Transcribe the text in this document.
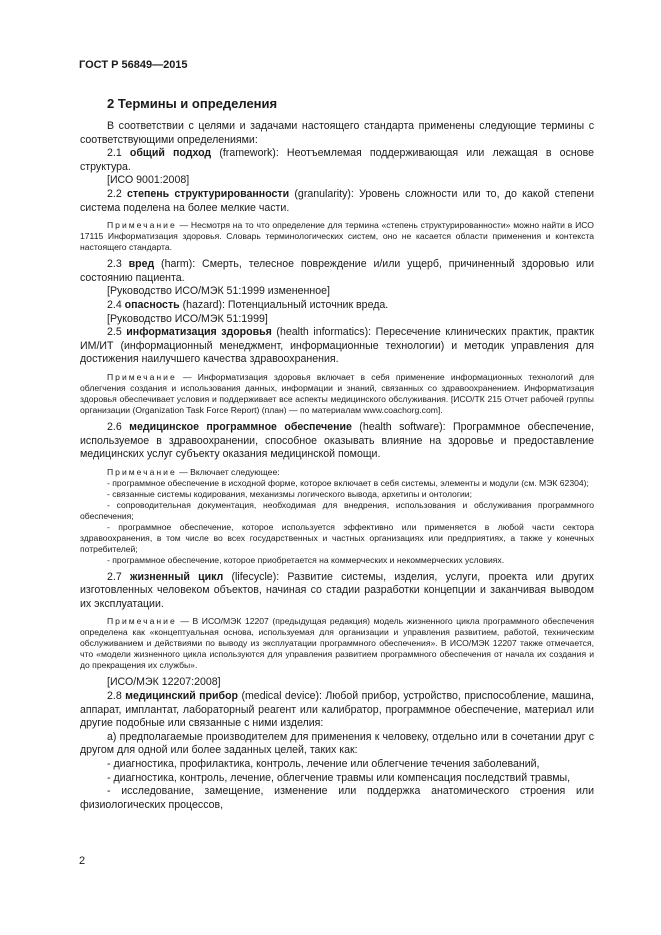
ГОСТ Р 56849—2015
2 Термины и определения

В соответствии с целями и задачами настоящего стандарта применены следующие термины с соответствующими определениями:

2.1 общий подход (framework): Неотъемлемая поддерживающая или лежащая в основе структура.

[ИСО 9001:2008]

2.2 степень структурированности (granularity): Уровень сложности или то, до какой степени система поделена на более мелкие части.

Примечание — Несмотря на то что определение для термина «степень структурированности» можно найти в ИСО 17115 Информатизация здоровья. Словарь терминологических систем, оно не касается области применения и контекста настоящего стандарта.

2.3 вред (harm): Смерть, телесное повреждение и/или ущерб, причиненный здоровью или состоянию пациента.

[Руководство ИСО/МЭК 51:1999 измененное]

2.4 опасность (hazard): Потенциальный источник вреда.

[Руководство ИСО/МЭК 51:1999]

2.5 информатизация здоровья (health informatics): Пересечение клинических практик, практик ИМ/ИТ (информационный менеджмент, информационные технологии) и методик управления для достижения наилучшего качества здравоохранения.

Примечание — Информатизация здоровья включает в себя применение информационных технологий для облегчения создания и использования данных, информации и знаний, связанных со здравоохранением. Информатизация здоровья обеспечивает условия и поддерживает все аспекты медицинского обслуживания. [ИСО/ТК 215 Отчет рабочей группы организации (Organization Task Force Report) (план) — по материалам www.coachorg.com].

2.6 медицинское программное обеспечение (health software): Программное обеспечение, используемое в здравоохранении, способное оказывать влияние на здоровье и предоставление медицинских услуг субъекту оказания медицинской помощи.

Примечание — Включает следующее:

- программное обеспечение в исходной форме, которое включает в себя системы, элементы и модули (см. МЭК 62304);

- связанные системы кодирования, механизмы логического вывода, архетипы и онтологии;

- сопроводительная документация, необходимая для внедрения, использования и обслуживания программного обеспечения;

- программное обеспечение, которое используется эффективно или применяется в любой части сектора здравоохранения, в том числе во всех государственных и частных организациях или предприятиях, а также у конечных потребителей;

- программное обеспечение, которое приобретается на коммерческих и некоммерческих условиях.

2.7 жизненный цикл (lifecycle): Развитие системы, изделия, услуги, проекта или других изготовленных человеком объектов, начиная со стадии разработки концепции и заканчивая выводом их эксплуатации.

Примечание — В ИСО/МЭК 12207 (предыдущая редакция) модель жизненного цикла программного обеспечения определена как «концептуальная основа, используемая для организации и управления развитием, работой, техническим обслуживанием и действиями по выводу из эксплуатации программного обеспечения». В ИСО/МЭК 12207 также отмечается, что «модели жизненного цикла используются для управления развитием программного обеспечения от начала их создания и до прекращения их службы».

[ИСО/МЭК 12207:2008]

2.8 медицинский прибор (medical device): Любой прибор, устройство, приспособление, машина, аппарат, имплантат, лабораторный реагент или калибратор, программное обеспечение, материал или другие подобные или связанные с ними изделия:

а) предполагаемые производителем для применения к человеку, отдельно или в сочетании друг с другом для одной или более заданных целей, таких как:

- диагностика, профилактика, контроль, лечение или облегчение течения заболеваний,

- диагностика, контроль, лечение, облегчение травмы или компенсация последствий травмы,

- исследование, замещение, изменение или поддержка анатомического строения или физиологических процессов,

2
